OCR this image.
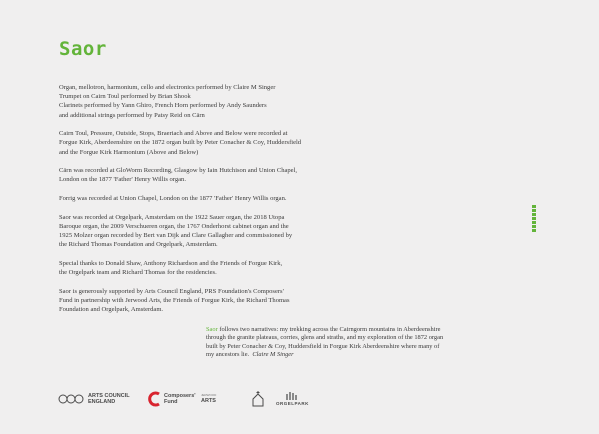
Saor

Organ, mellotron, harmonium, cello and electronics performed by Claire M Singer
Trumpet on Cairn Toul performed by Brian Shook
Clarinets performed by Yann Ghiro, French Horn performed by Andy Saunders
and additional strings performed by Patsy Reid on Cärn

Cairn Toul, Pressure, Outside, Stops, Braeriach and Above and Below were recorded at
Forgue Kirk, Aberdeenshire on the 1872 organ built by Peter Conacher & Coy, Huddersfield
and the Forgue Kirk Harmonium (Above and Below)

Cärn was recorded at GloWorm Recording, Glasgow by Iain Hutchison and Union Chapel,
London on the 1877 'Father' Henry Willis organ.

Forrig was recorded at Union Chapel, London on the 1877 'Father' Henry Willis organ.

Saor was recorded at Orgelpark, Amsterdam on the 1922 Sauer organ, the 2018 Utopa
Baroque organ, the 2009 Verschueren organ, the 1767 Onderhorst cabinet organ and the
1925 Molzer organ recorded by Bert van Dijk and Clare Gallagher and commissioned by
the Richard Thomas Foundation and Orgelpark, Amsterdam.

Special thanks to Donald Shaw, Anthony Richardson and the Friends of Forgue Kirk,
the Orgelpark team and Richard Thomas for the residencies.

Saor is generously supported by Arts Council England, PRS Foundation's Composers'
Fund in partnership with Jerwood Arts, the Friends of Forgue Kirk, the Richard Thomas
Foundation and Orgelpark, Amsterdam.

Saor follows two narratives: my trekking across the Cairngorm mountains in Aberdeenshire
through the granite plateaus, corries, glens and straths, and my exploration of the 1872 organ
built by Peter Conacher & Coy, Huddersfield in Forgue Kirk Aberdeenshire where many of
my ancestors lie. Claire M Singer
ARTS COUNCIL
ENGLAND
Composers'
Fund
JERWOOD
ARTS	ORGELPARK
